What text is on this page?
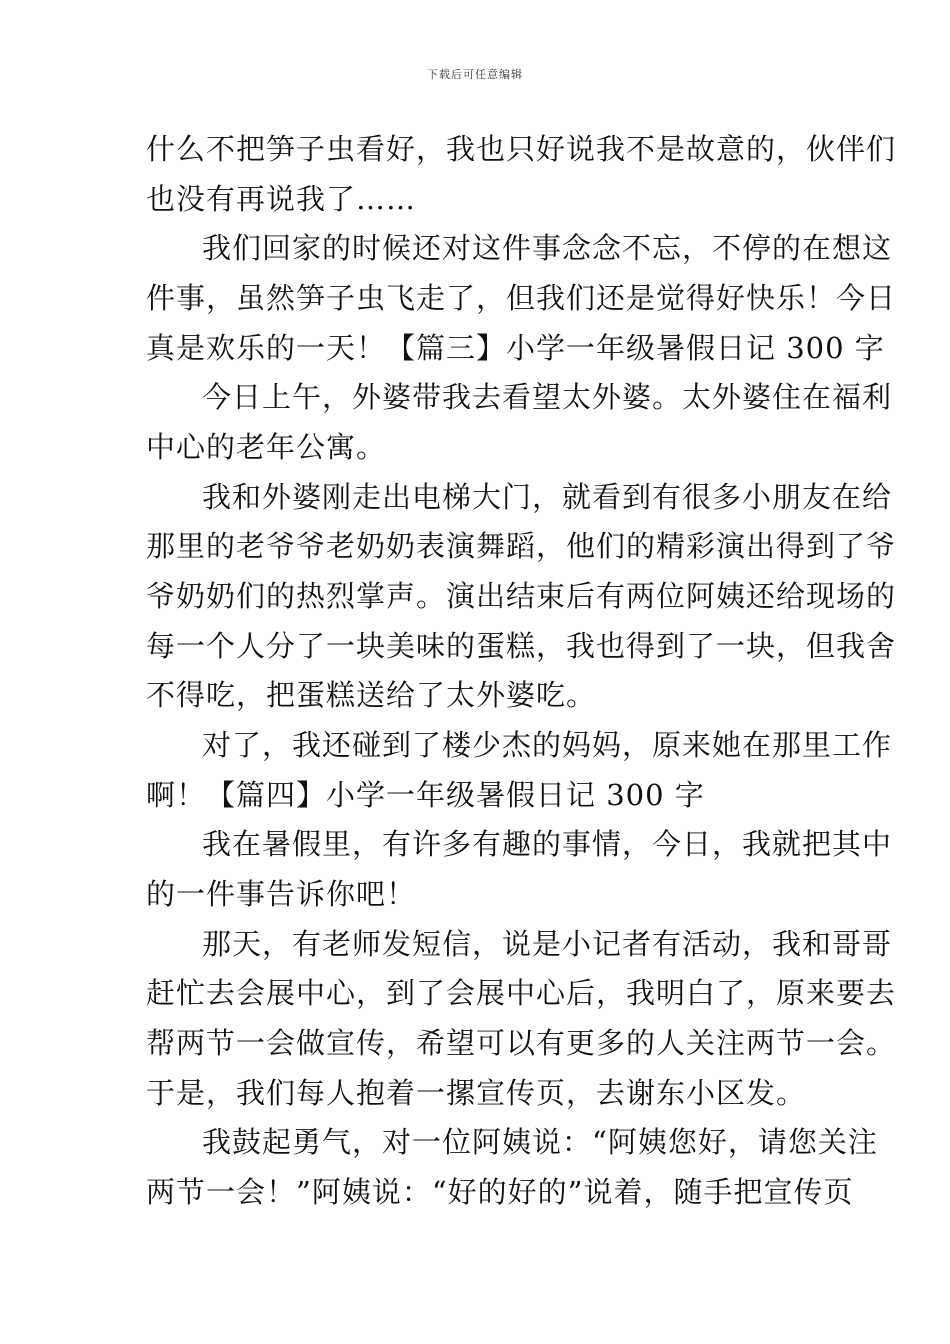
下载后可任意编辑
什么不把笋子虫看好，我也只好说我不是故意的，伙伴们
也没有再说我了……
我们回家的时候还对这件事念念不忘，不停的在想这
件事，虽然笋子虫飞走了，但我们还是觉得好快乐！今日
真是欢乐的一天！【篇三】小学一年级暑假日记 300 字
今日上午，外婆带我去看望太外婆。太外婆住在福利
中心的老年公寓。
我和外婆刚走出电梯大门，就看到有很多小朋友在给
那里的老爷爷老奶奶表演舞蹈，他们的精彩演出得到了爷
爷奶奶们的热烈掌声。演出结束后有两位阿姨还给现场的
每一个人分了一块美味的蛋糕，我也得到了一块，但我舍
不得吃，把蛋糕送给了太外婆吃。
对了，我还碰到了楼少杰的妈妈，原来她在那里工作
啊！【篇四】小学一年级暑假日记 300 字
我在暑假里，有许多有趣的事情，今日，我就把其中
的一件事告诉你吧！
那天，有老师发短信，说是小记者有活动，我和哥哥
赶忙去会展中心，到了会展中心后，我明白了，原来要去
帮两节一会做宣传，希望可以有更多的人关注两节一会。
于是，我们每人抱着一摞宣传页，去谢东小区发。
我鼓起勇气，对一位阿姨说：“阿姨您好，请您关注
两节一会！”阿姨说：“好的好的”说着，随手把宣传页
